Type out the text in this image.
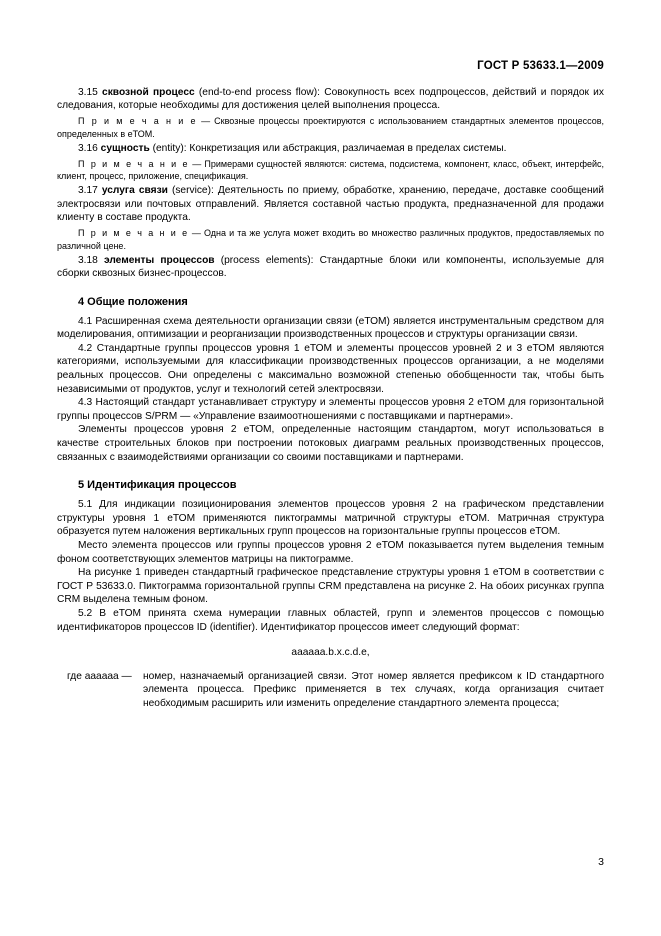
ГОСТ Р 53633.1—2009

3.15 сквозной процесс (end-to-end process flow): Совокупность всех подпроцессов, действий и порядок их следования, которые необходимы для достижения целей выполнения процесса.

П р и м е ч а н и е — Сквозные процессы проектируются с использованием стандартных элементов процессов, определенных в еТОМ.

3.16 сущность (entity): Конкретизация или абстракция, различаемая в пределах системы.

П р и м е ч а н и е — Примерами сущностей являются: система, подсистема, компонент, класс, объект, интерфейс, клиент, процесс, приложение, спецификация.

3.17 услуга связи (service): Деятельность по приему, обработке, хранению, передаче, доставке сообщений электросвязи или почтовых отправлений. Является составной частью продукта, предназначенной для продажи клиенту в составе продукта.

П р и м е ч а н и е — Одна и та же услуга может входить во множество различных продуктов, предоставляемых по различной цене.

3.18 элементы процессов (process elements): Стандартные блоки или компоненты, используемые для сборки сквозных бизнес-процессов.

4 Общие положения

4.1 Расширенная схема деятельности организации связи (еТОМ) является инструментальным средством для моделирования, оптимизации и реорганизации производственных процессов и структуры организации связи.

4.2 Стандартные группы процессов уровня 1 еТОМ и элементы процессов уровней 2 и 3 еТОМ являются категориями, используемыми для классификации производственных процессов организации, а не моделями реальных процессов. Они определены с максимально возможной степенью обобщенности так, чтобы быть независимыми от продуктов, услуг и технологий сетей электросвязи.

4.3 Настоящий стандарт устанавливает структуру и элементы процессов уровня 2 еТОМ для горизонтальной группы процессов S/PRM — «Управление взаимоотношениями с поставщиками и партнерами».

Элементы процессов уровня 2 еТОМ, определенные настоящим стандартом, могут использоваться в качестве строительных блоков при построении потоковых диаграмм реальных производственных процессов, связанных с взаимодействиями организации со своими поставщиками и партнерами.

5 Идентификация процессов

5.1 Для индикации позиционирования элементов процессов уровня 2 на графическом представлении структуры уровня 1 еТОМ применяются пиктограммы матричной структуры еТОМ. Матричная структура образуется путем наложения вертикальных групп процессов на горизонтальные группы процессов еТОМ.

Место элемента процессов или группы процессов уровня 2 еТОМ показывается путем выделения темным фоном соответствующих элементов матрицы на пиктограмме.

На рисунке 1 приведен стандартный графическое представление структуры уровня 1 еТОМ в соответствии с ГОСТ Р 53633.0. Пиктограмма горизонтальной группы CRM представлена на рисунке 2. На обоих рисунках группа CRM выделена темным фоном.

5.2 В еТОМ принята схема нумерации главных областей, групп и элементов процессов с помощью идентификаторов процессов ID (identifier). Идентификатор процессов имеет следующий формат:

aaaaaa.b.x.c.d.e,

где аааааа —	номер, назначаемый организацией связи. Этот номер является префиксом к ID стандартного элемента процесса. Префикс применяется в тех случаях, когда организация считает необходимым расширить или изменить определение стандартного элемента процесса;
3
